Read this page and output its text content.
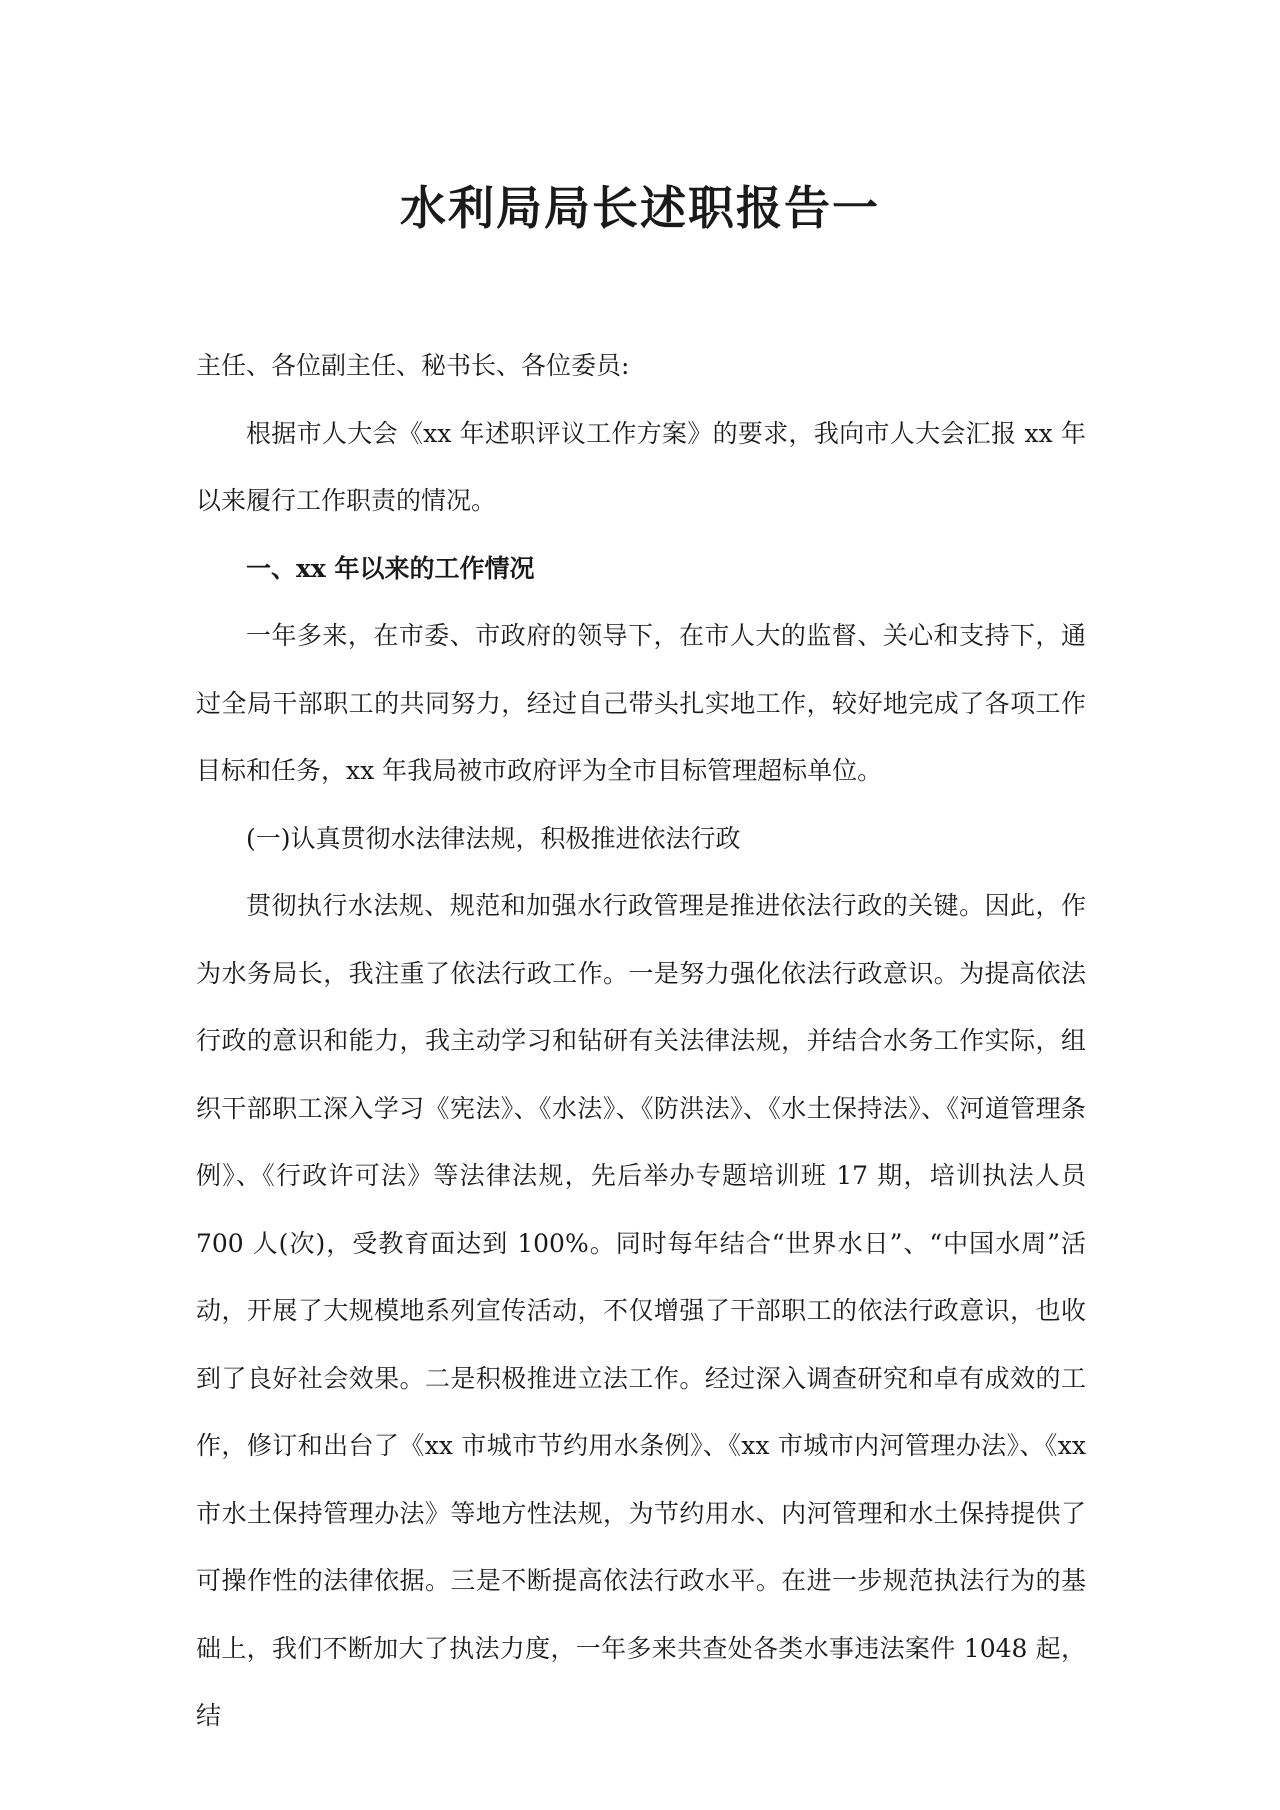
水利局局长述职报告一

主任、各位副主任、秘书长、各位委员:

根据市人大会《xx 年述职评议工作方案》的要求，我向市人大会汇报 xx 年以来履行工作职责的情况。

一、xx 年以来的工作情况

一年多来，在市委、市政府的领导下，在市人大的监督、关心和支持下，通过全局干部职工的共同努力，经过自己带头扎实地工作，较好地完成了各项工作目标和任务，xx 年我局被市政府评为全市目标管理超标单位。

(一)认真贯彻水法律法规，积极推进依法行政

贯彻执行水法规、规范和加强水行政管理是推进依法行政的关键。因此，作为水务局长，我注重了依法行政工作。一是努力强化依法行政意识。为提高依法行政的意识和能力，我主动学习和钻研有关法律法规，并结合水务工作实际，组织干部职工深入学习《宪法》、《水法》、《防洪法》、《水土保持法》、《河道管理条例》、《行政许可法》等法律法规，先后举办专题培训班 17 期，培训执法人员 700 人(次)，受教育面达到 100%。同时每年结合“世界水日”、“中国水周”活动，开展了大规模地系列宣传活动，不仅增强了干部职工的依法行政意识，也收到了良好社会效果。二是积极推进立法工作。经过深入调查研究和卓有成效的工作，修订和出台了《xx 市城市节约用水条例》、《xx 市城市内河管理办法》、《xx 市水土保持管理办法》等地方性法规，为节约用水、内河管理和水土保持提供了可操作性的法律依据。三是不断提高依法行政水平。在进一步规范执法行为的基础上，我们不断加大了执法力度，一年多来共查处各类水事违法案件 1048 起，结
